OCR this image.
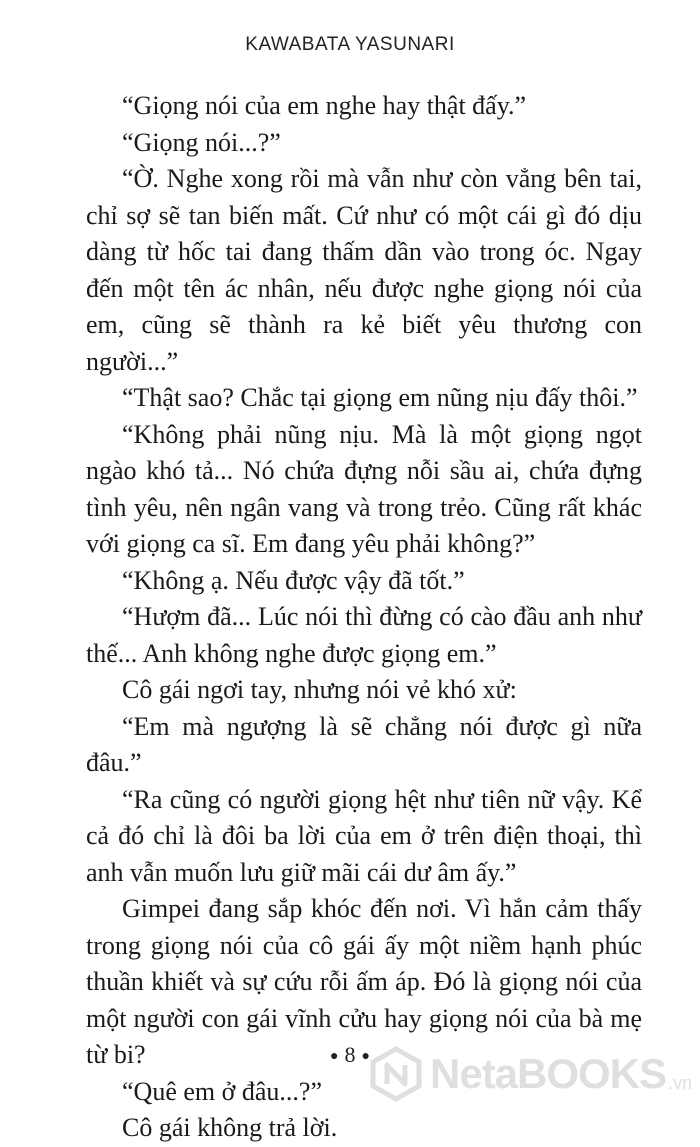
KAWABATA YASUNARI

“Giọng nói của em nghe hay thật đấy.”

“Giọng nói...?”

“Ờ. Nghe xong rồi mà vẫn như còn vẳng bên tai, chỉ sợ sẽ tan biến mất. Cứ như có một cái gì đó dịu dàng từ hốc tai đang thấm dần vào trong óc. Ngay đến một tên ác nhân, nếu được nghe giọng nói của em, cũng sẽ thành ra kẻ biết yêu thương con người...”

“Thật sao? Chắc tại giọng em nũng nịu đấy thôi.”

“Không phải nũng nịu. Mà là một giọng ngọt ngào khó tả... Nó chứa đựng nỗi sầu ai, chứa đựng tình yêu, nên ngân vang và trong trẻo. Cũng rất khác với giọng ca sĩ. Em đang yêu phải không?”

“Không ạ. Nếu được vậy đã tốt.”

“Hượm đã... Lúc nói thì đừng có cào đầu anh như thế... Anh không nghe được giọng em.”

Cô gái ngơi tay, nhưng nói vẻ khó xử:

“Em mà ngượng là sẽ chẳng nói được gì nữa đâu.”

“Ra cũng có người giọng hệt như tiên nữ vậy. Kể cả đó chỉ là đôi ba lời của em ở trên điện thoại, thì anh vẫn muốn lưu giữ mãi cái dư âm ấy.”

Gimpei đang sắp khóc đến nơi. Vì hắn cảm thấy trong giọng nói của cô gái ấy một niềm hạnh phúc thuần khiết và sự cứu rỗi ấm áp. Đó là giọng nói của một người con gái vĩnh cửu hay giọng nói của bà mẹ từ bi?

“Quê em ở đâu...?”

Cô gái không trả lời.

● 8 ●	NetaBOOKS .vn
